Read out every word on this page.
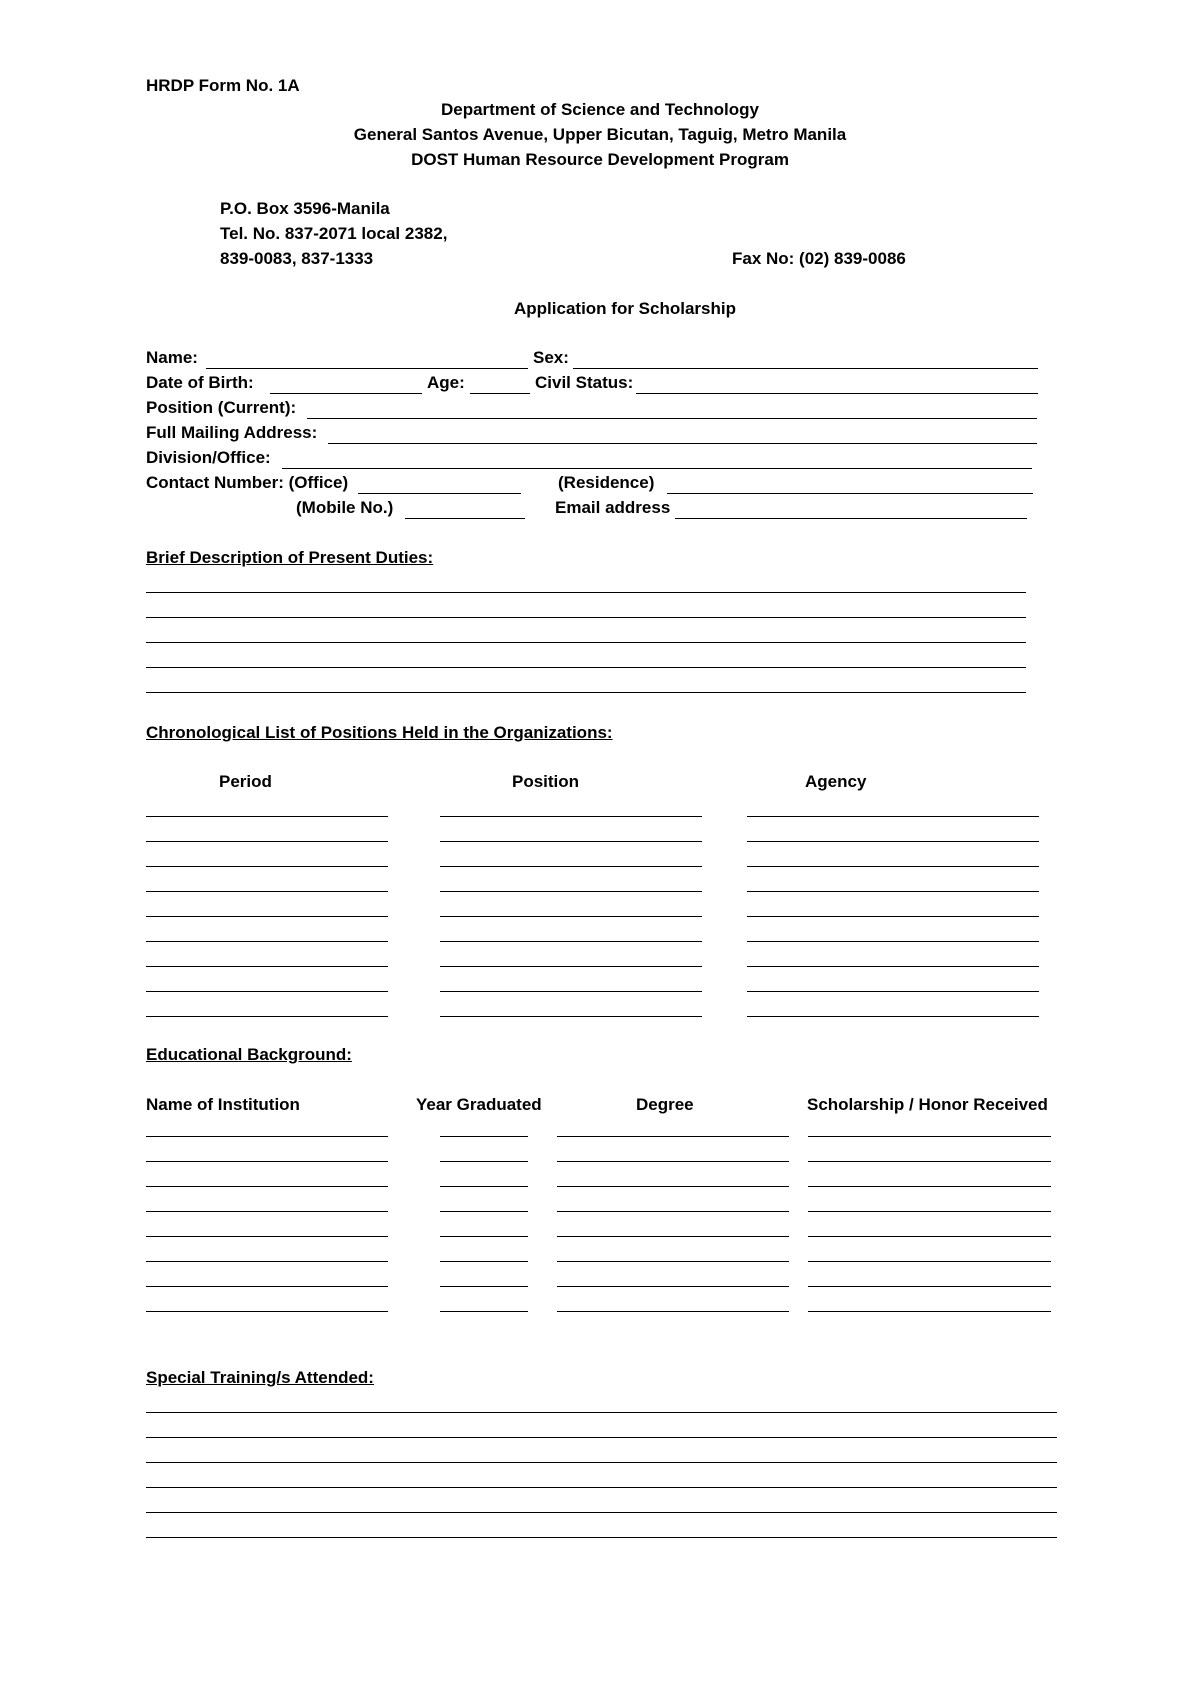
HRDP Form No. 1A
Department of Science and Technology
General Santos Avenue, Upper Bicutan, Taguig, Metro Manila
DOST Human Resource Development Program
P.O. Box 3596-Manila
Tel. No. 837-2071 local 2382,
839-0083, 837-1333	Fax No: (02) 839-0086
Application for Scholarship
Name:	Sex:
Date of Birth:	Age:	Civil Status:
Position (Current):
Full Mailing Address:
Division/Office:
Contact Number: (Office)	(Residence)
(Mobile No.)	Email address
Brief Description of Present Duties:
Chronological List of Positions Held in the Organizations:
Period	Position	Agency
Educational Background:
Name of Institution	Year Graduated	Degree	Scholarship / Honor Received
Special Training/s Attended:
